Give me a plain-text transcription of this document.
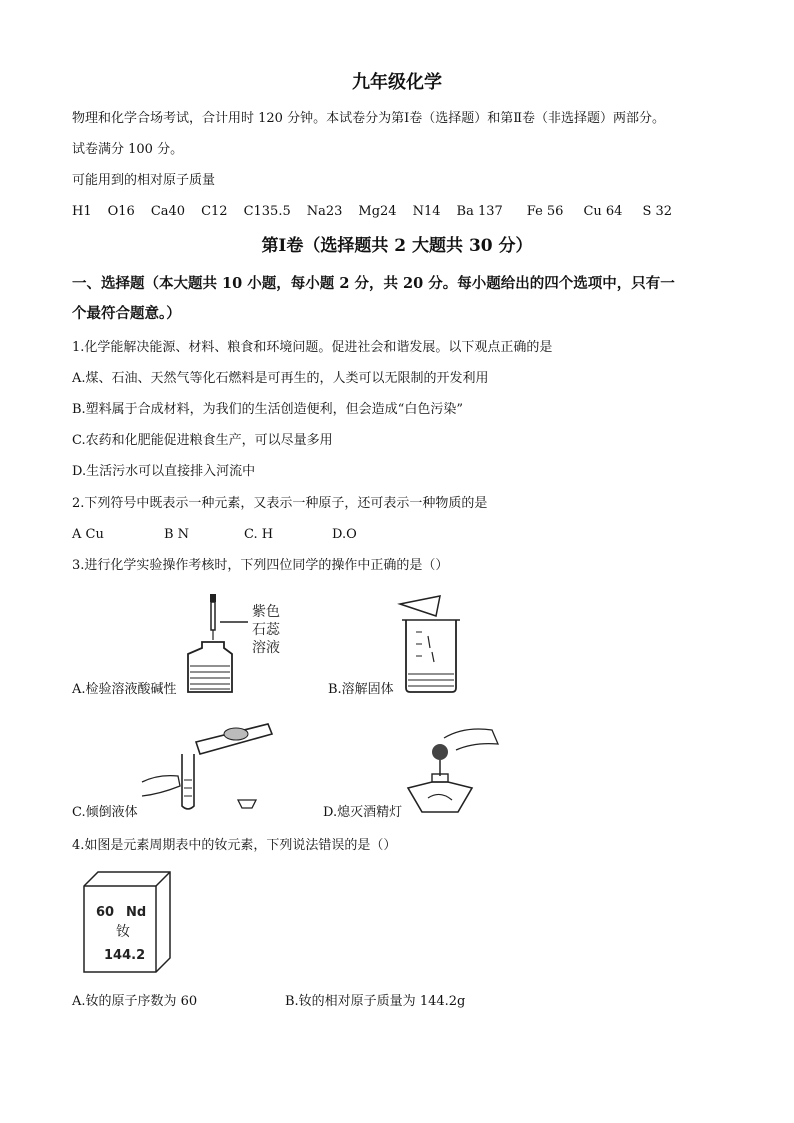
九年级化学
物理和化学合场考试，合计用时 120 分钟。本试卷分为第Ⅰ卷（选择题）和第Ⅱ卷（非选择题）两部分。
试卷满分 100 分。
可能用到的相对原子质量
H1 O16 Ca40 C12 C135.5 Na23 Mg24 N14 Ba 137 Fe 56 Cu 64 S 32
第Ⅰ卷（选择题共 2 大题共 30 分）
一、选择题（本大题共 10 小题，每小题 2 分，共 20 分。每小题给出的四个选项中，只有一
个最符合题意。）
1.化学能解决能源、材料、粮食和环境问题。促进社会和谐发展。以下观点正确的是
A.煤、石油、天然气等化石燃料是可再生的，人类可以无限制的开发利用
B.塑料属于合成材料，为我们的生活创造便利，但会造成“白色污染”
C.农药和化肥能促进粮食生产，可以尽量多用
D.生活污水可以直接排入河流中
2.下列符号中既表示一种元素，又表示一种原子，还可表示一种物质的是
A Cu	B N	C. H	D.O
3.进行化学实验操作考核时，下列四位同学的操作中正确的是（）
紫色
石蕊
溶液
A.检验溶液酸碱性	B.溶解固体
C.倾倒液体	D.熄灭酒精灯
4.如图是元素周期表中的钕元素，下列说法错误的是（）
60 Nd
钕
144.2
A.钕的原子序数为 60	B.钕的相对原子质量为 144.2g
